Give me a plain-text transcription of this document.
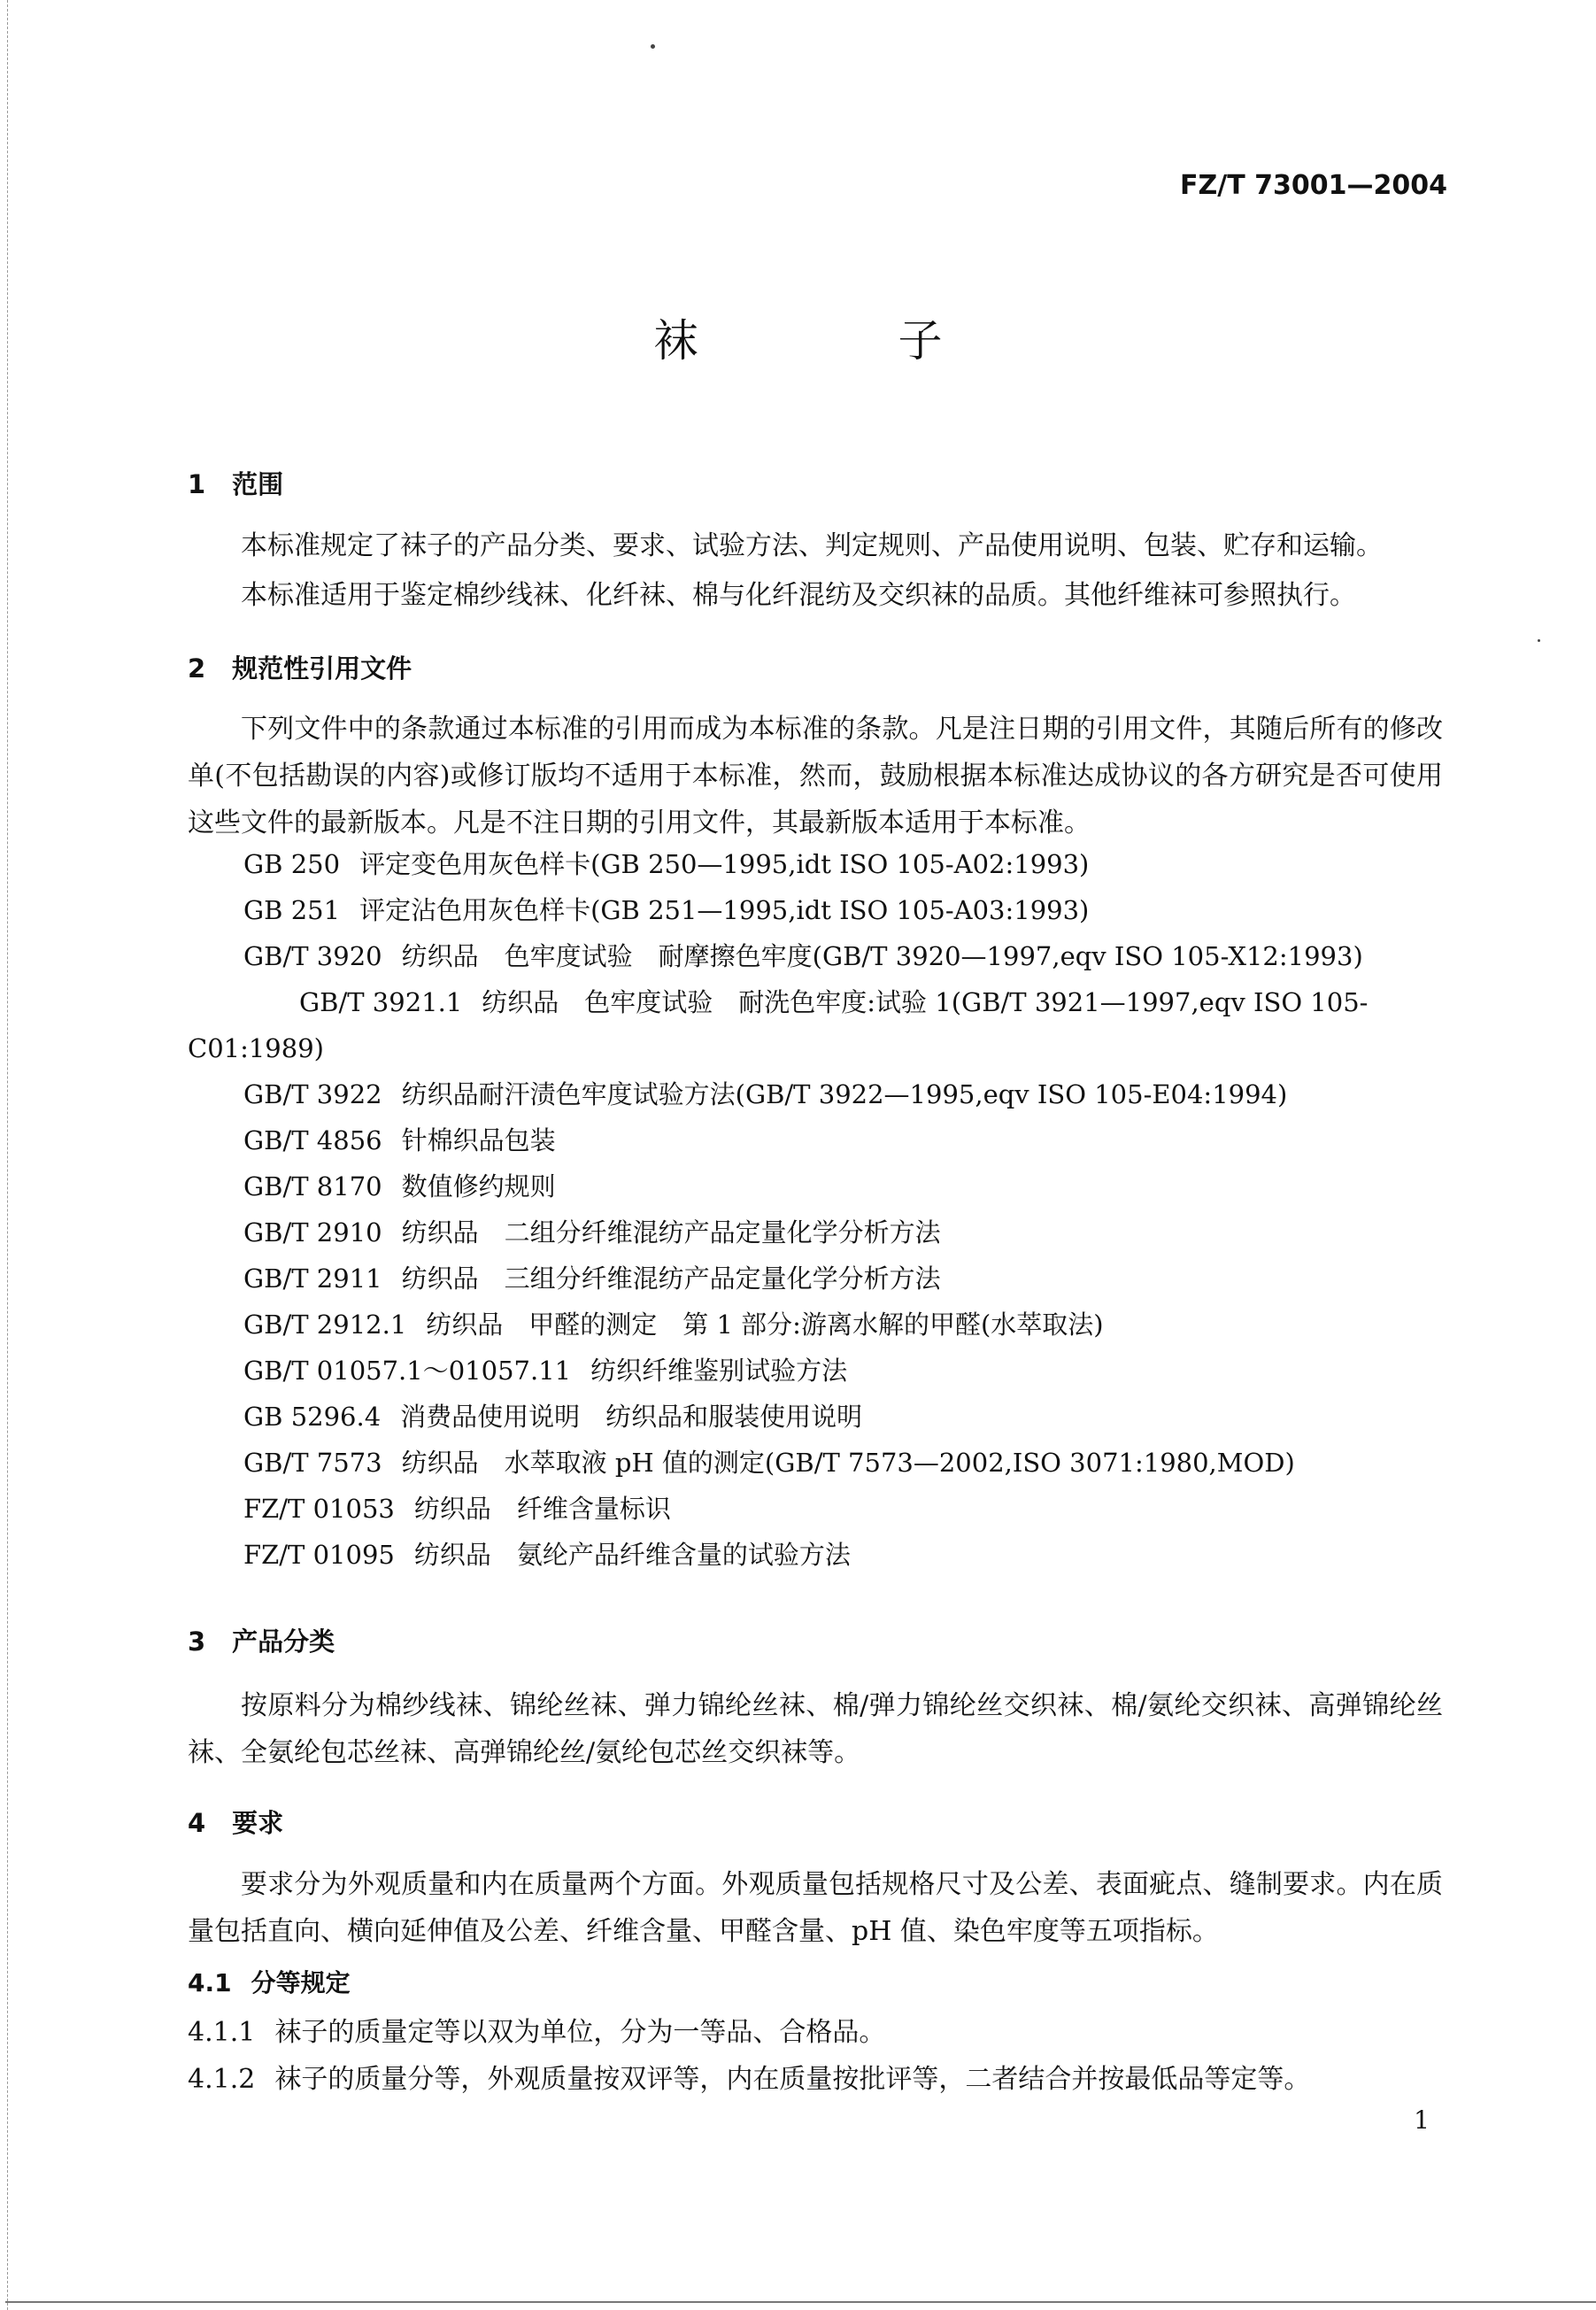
FZ/T 73001—2004
袜　子
1 范围
本标准规定了袜子的产品分类、要求、试验方法、判定规则、产品使用说明、包装、贮存和运输。
本标准适用于鉴定棉纱线袜、化纤袜、棉与化纤混纺及交织袜的品质。其他纤维袜可参照执行。
2 规范性引用文件
下列文件中的条款通过本标准的引用而成为本标准的条款。凡是注日期的引用文件，其随后所有的修改单(不包括勘误的内容)或修订版均不适用于本标准，然而，鼓励根据本标准达成协议的各方研究是否可使用这些文件的最新版本。凡是不注日期的引用文件，其最新版本适用于本标准。
GB 250 评定变色用灰色样卡(GB 250—1995,idt ISO 105-A02:1993)
GB 251 评定沾色用灰色样卡(GB 251—1995,idt ISO 105-A03:1993)
GB/T 3920 纺织品　色牢度试验　耐摩擦色牢度(GB/T 3920—1997,eqv ISO 105-X12:1993)
GB/T 3921.1 纺织品　色牢度试验　耐洗色牢度:试验 1(GB/T 3921—1997,eqv ISO 105-C01:1989)
GB/T 3922 纺织品耐汗渍色牢度试验方法(GB/T 3922—1995,eqv ISO 105-E04:1994)
GB/T 4856 针棉织品包装
GB/T 8170 数值修约规则
GB/T 2910 纺织品　二组分纤维混纺产品定量化学分析方法
GB/T 2911 纺织品　三组分纤维混纺产品定量化学分析方法
GB/T 2912.1 纺织品　甲醛的测定　第 1 部分:游离水解的甲醛(水萃取法)
GB/T 01057.1～01057.11 纺织纤维鉴别试验方法
GB 5296.4 消费品使用说明　纺织品和服装使用说明
GB/T 7573 纺织品　水萃取液 pH 值的测定(GB/T 7573—2002,ISO 3071:1980,MOD)
FZ/T 01053 纺织品　纤维含量标识
FZ/T 01095 纺织品　氨纶产品纤维含量的试验方法
3 产品分类
按原料分为棉纱线袜、锦纶丝袜、弹力锦纶丝袜、棉/弹力锦纶丝交织袜、棉/氨纶交织袜、高弹锦纶丝袜、全氨纶包芯丝袜、高弹锦纶丝/氨纶包芯丝交织袜等。
4 要求
要求分为外观质量和内在质量两个方面。外观质量包括规格尺寸及公差、表面疵点、缝制要求。内在质量包括直向、横向延伸值及公差、纤维含量、甲醛含量、pH 值、染色牢度等五项指标。
4.1 分等规定
4.1.1 袜子的质量定等以双为单位，分为一等品、合格品。
4.1.2 袜子的质量分等，外观质量按双评等，内在质量按批评等，二者结合并按最低品等定等。
1
